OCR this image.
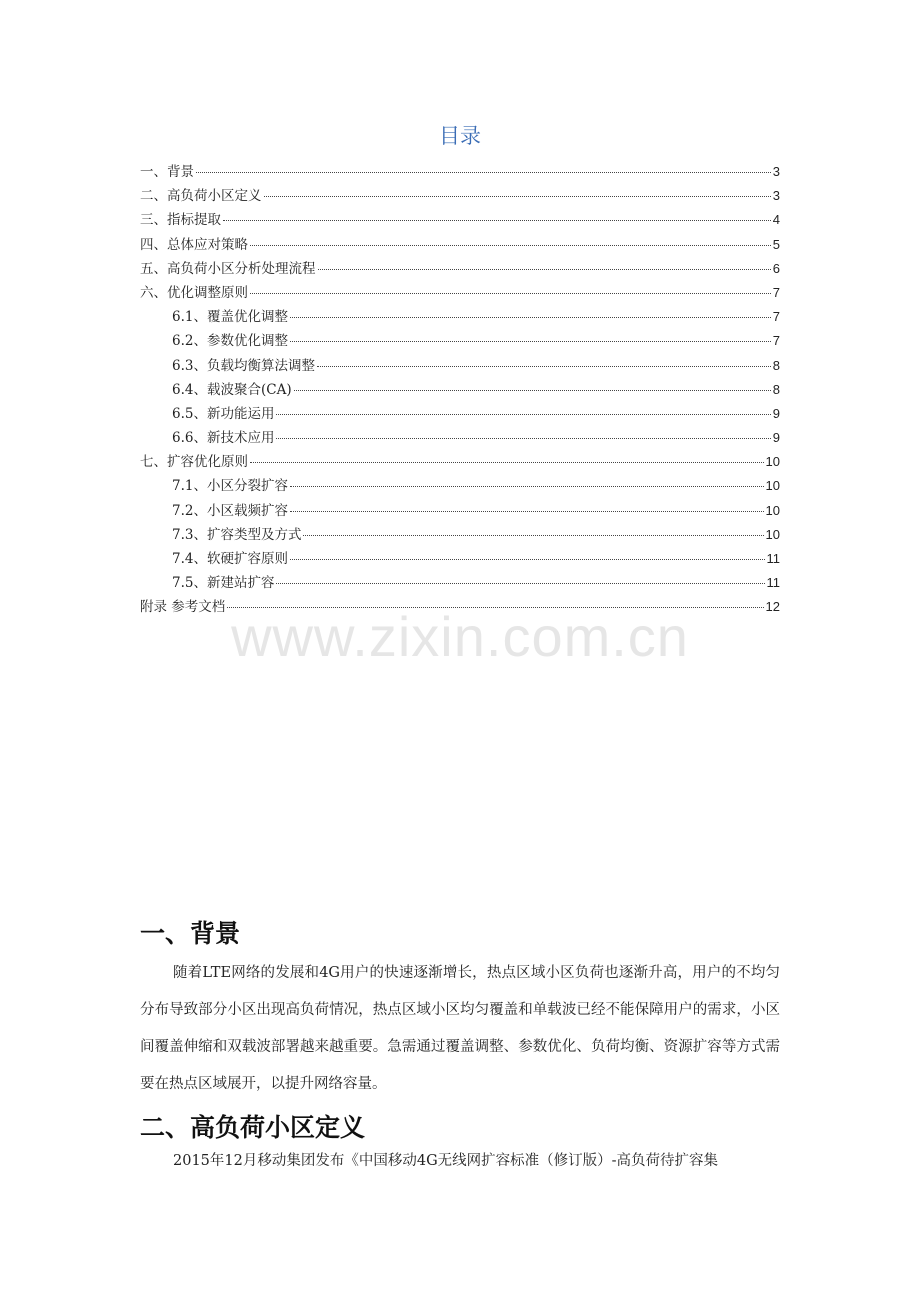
目录
一、背景	3
二、高负荷小区定义	3
三、指标提取	4
四、总体应对策略	5
五、高负荷小区分析处理流程	6
六、优化调整原则	7
6.1、覆盖优化调整	7
6.2、参数优化调整	7
6.3、负载均衡算法调整	8
6.4、载波聚合(CA)	8
6.5、新功能运用	9
6.6、新技术应用	9
七、扩容优化原则	10
7.1、小区分裂扩容	10
7.2、小区载频扩容	10
7.3、扩容类型及方式	10
7.4、软硬扩容原则	11
7.5、新建站扩容	11
附录 参考文档	12
www.zixin.com.cn
一、背景
随着LTE网络的发展和4G用户的快速逐渐增长，热点区域小区负荷也逐渐升高，用户的不均匀分布导致部分小区出现高负荷情况，热点区域小区均匀覆盖和单载波已经不能保障用户的需求，小区间覆盖伸缩和双载波部署越来越重要。急需通过覆盖调整、参数优化、负荷均衡、资源扩容等方式需要在热点区域展开，以提升网络容量。
二、高负荷小区定义
2015年12月移动集团发布《中国移动4G无线网扩容标准（修订版）-高负荷待扩容集
